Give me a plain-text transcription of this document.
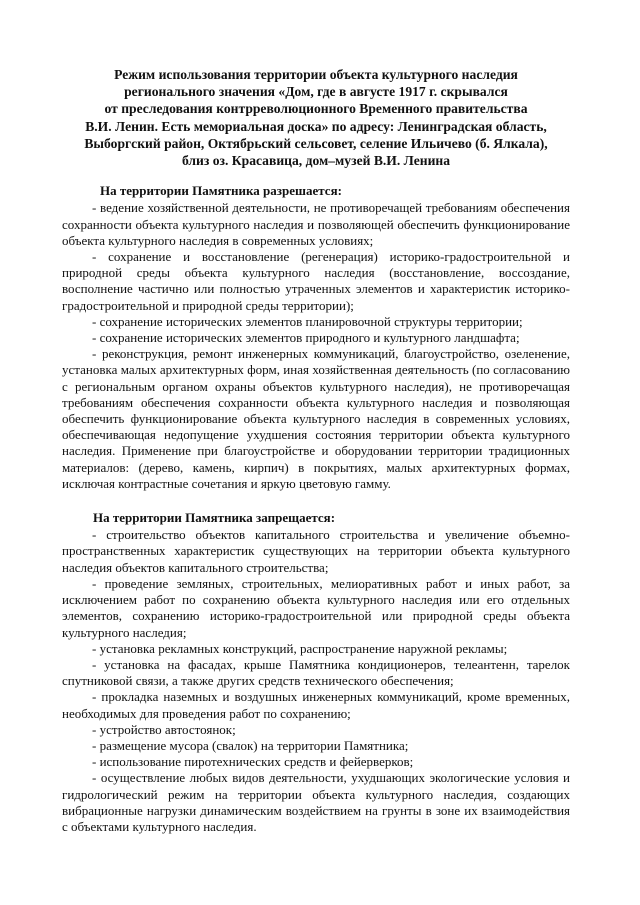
Режим использования территории объекта культурного наследия
регионального значения «Дом, где в августе 1917 г. скрывался
от преследования контрреволюционного Временного правительства
В.И. Ленин. Есть мемориальная доска» по адресу: Ленинградская область,
Выборгский район, Октябрьский сельсовет, селение Ильичево (б. Ялкала),
близ оз. Красавица, дом–музей В.И. Ленина
На территории Памятника разрешается:

- ведение хозяйственной деятельности, не противоречащей требованиям обеспечения сохранности объекта культурного наследия и позволяющей обеспечить функционирование объекта культурного наследия в современных условиях;

- сохранение и восстановление (регенерация) историко-градостроительной и природной среды объекта культурного наследия (восстановление, воссоздание, восполнение частично или полностью утраченных элементов и характеристик историко-градостроительной и природной среды территории);

- сохранение исторических элементов планировочной структуры территории;

- сохранение исторических элементов природного и культурного ландшафта;

- реконструкция, ремонт инженерных коммуникаций, благоустройство, озеленение, установка малых архитектурных форм, иная хозяйственная деятельность (по согласованию с региональным органом охраны объектов культурного наследия), не противоречащая требованиям обеспечения сохранности объекта культурного наследия и позволяющая обеспечить функционирование объекта культурного наследия в современных условиях, обеспечивающая недопущение ухудшения состояния территории объекта культурного наследия. Применение при благоустройстве и оборудовании территории традиционных материалов: (дерево, камень, кирпич) в покрытиях, малых архитектурных формах, исключая контрастные сочетания и яркую цветовую гамму.

На территории Памятника запрещается:

- строительство объектов капитального строительства и увеличение объемно-пространственных характеристик существующих на территории объекта культурного наследия объектов капитального строительства;

- проведение земляных, строительных, мелиоративных работ и иных работ, за исключением работ по сохранению объекта культурного наследия или его отдельных элементов, сохранению историко-градостроительной или природной среды объекта культурного наследия;

- установка рекламных конструкций, распространение наружной рекламы;

- установка на фасадах, крыше Памятника кондиционеров, телеантенн, тарелок спутниковой связи, а также других средств технического обеспечения;

- прокладка наземных и воздушных инженерных коммуникаций, кроме временных, необходимых для проведения работ по сохранению;

- устройство автостоянок;

- размещение мусора (свалок) на территории Памятника;

- использование пиротехнических средств и фейерверков;

- осуществление любых видов деятельности, ухудшающих экологические условия и гидрологический режим на территории объекта культурного наследия, создающих вибрационные нагрузки динамическим воздействием на грунты в зоне их взаимодействия с объектами культурного наследия.
